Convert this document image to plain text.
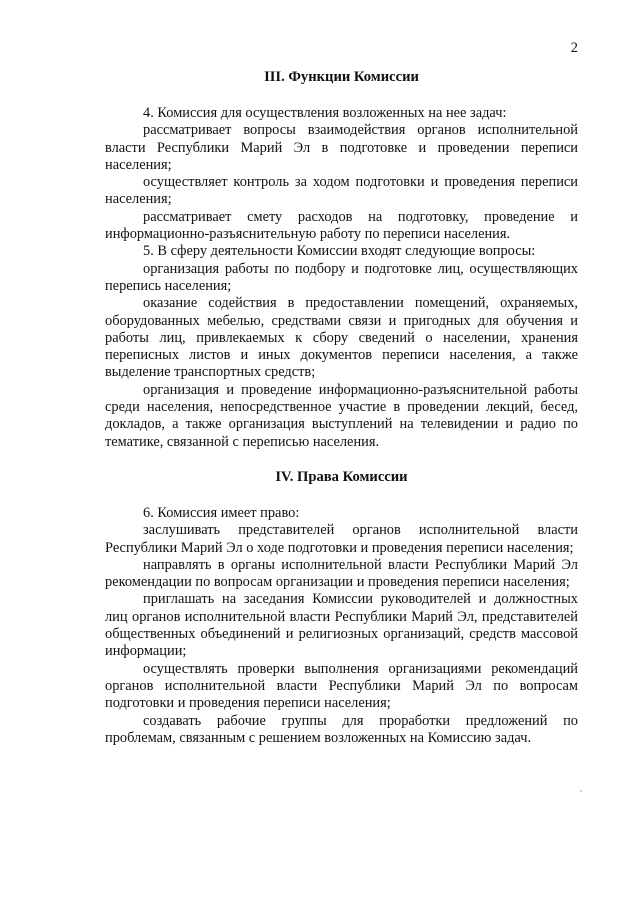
2
III. Функции Комиссии

4. Комиссия для осуществления возложенных на нее задач:

рассматривает вопросы взаимодействия органов исполнительной власти Республики Марий Эл в подготовке и проведении переписи населения;

осуществляет контроль за ходом подготовки и проведения переписи населения;

рассматривает смету расходов на подготовку, проведение и информационно-разъяснительную работу по переписи населения.

5. В сферу деятельности Комиссии входят следующие вопросы:

организация работы по подбору и подготовке лиц, осуществляющих перепись населения;

оказание содействия в предоставлении помещений, охраняемых, оборудованных мебелью, средствами связи и пригодных для обучения и работы лиц, привлекаемых к сбору сведений о населении, хранения переписных листов и иных документов переписи населения, а также выделение транспортных средств;

организация и проведение информационно-разъяснительной работы среди населения, непосредственное участие в проведении лекций, бесед, докладов, а также организация выступлений на телевидении и радио по тематике, связанной с переписью населения.

IV. Права Комиссии

6. Комиссия имеет право:

заслушивать представителей органов исполнительной власти Республики Марий Эл о ходе подготовки и проведения переписи населения;

направлять в органы исполнительной власти Республики Марий Эл рекомендации по вопросам организации и проведения переписи населения;

приглашать на заседания Комиссии руководителей и должностных лиц органов исполнительной власти Республики Марий Эл, представителей общественных объединений и религиозных организаций, средств массовой информации;

осуществлять проверки выполнения организациями рекомендаций органов исполнительной власти Республики Марий Эл по вопросам подготовки и проведения переписи населения;

создавать рабочие группы для проработки предложений по проблемам, связанным с решением возложенных на Комиссию задач.
